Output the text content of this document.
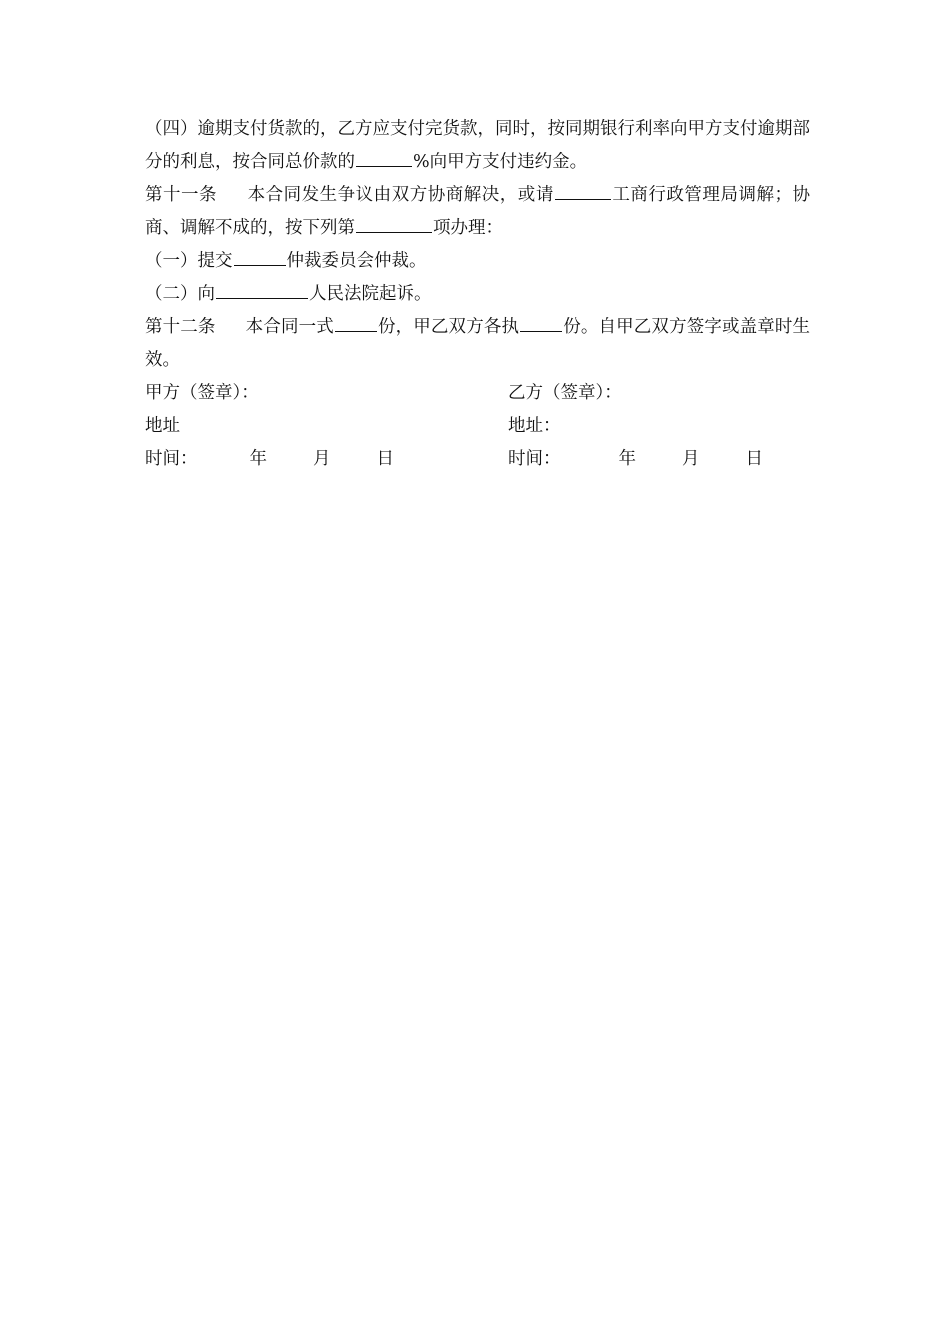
（四）逾期支付货款的，乙方应支付完货款，同时，按同期银行利率向甲方支付逾期部分的利息，按合同总价款的	%向甲方支付违约金。

第十一条 本合同发生争议由双方协商解决，或请	工商行政管理局调解；协商、调解不成的，按下列第	项办理：

（一）提交	仲裁委员会仲裁。

（二）向	人民法院起诉。

第十二条 本合同一式	份，甲乙双方各执	份。自甲乙双方签字或盖章时生效。

甲方（签章）：	乙方（签章）：
地址	地址：
时间：	年	月	日	时间：	年	月	日
